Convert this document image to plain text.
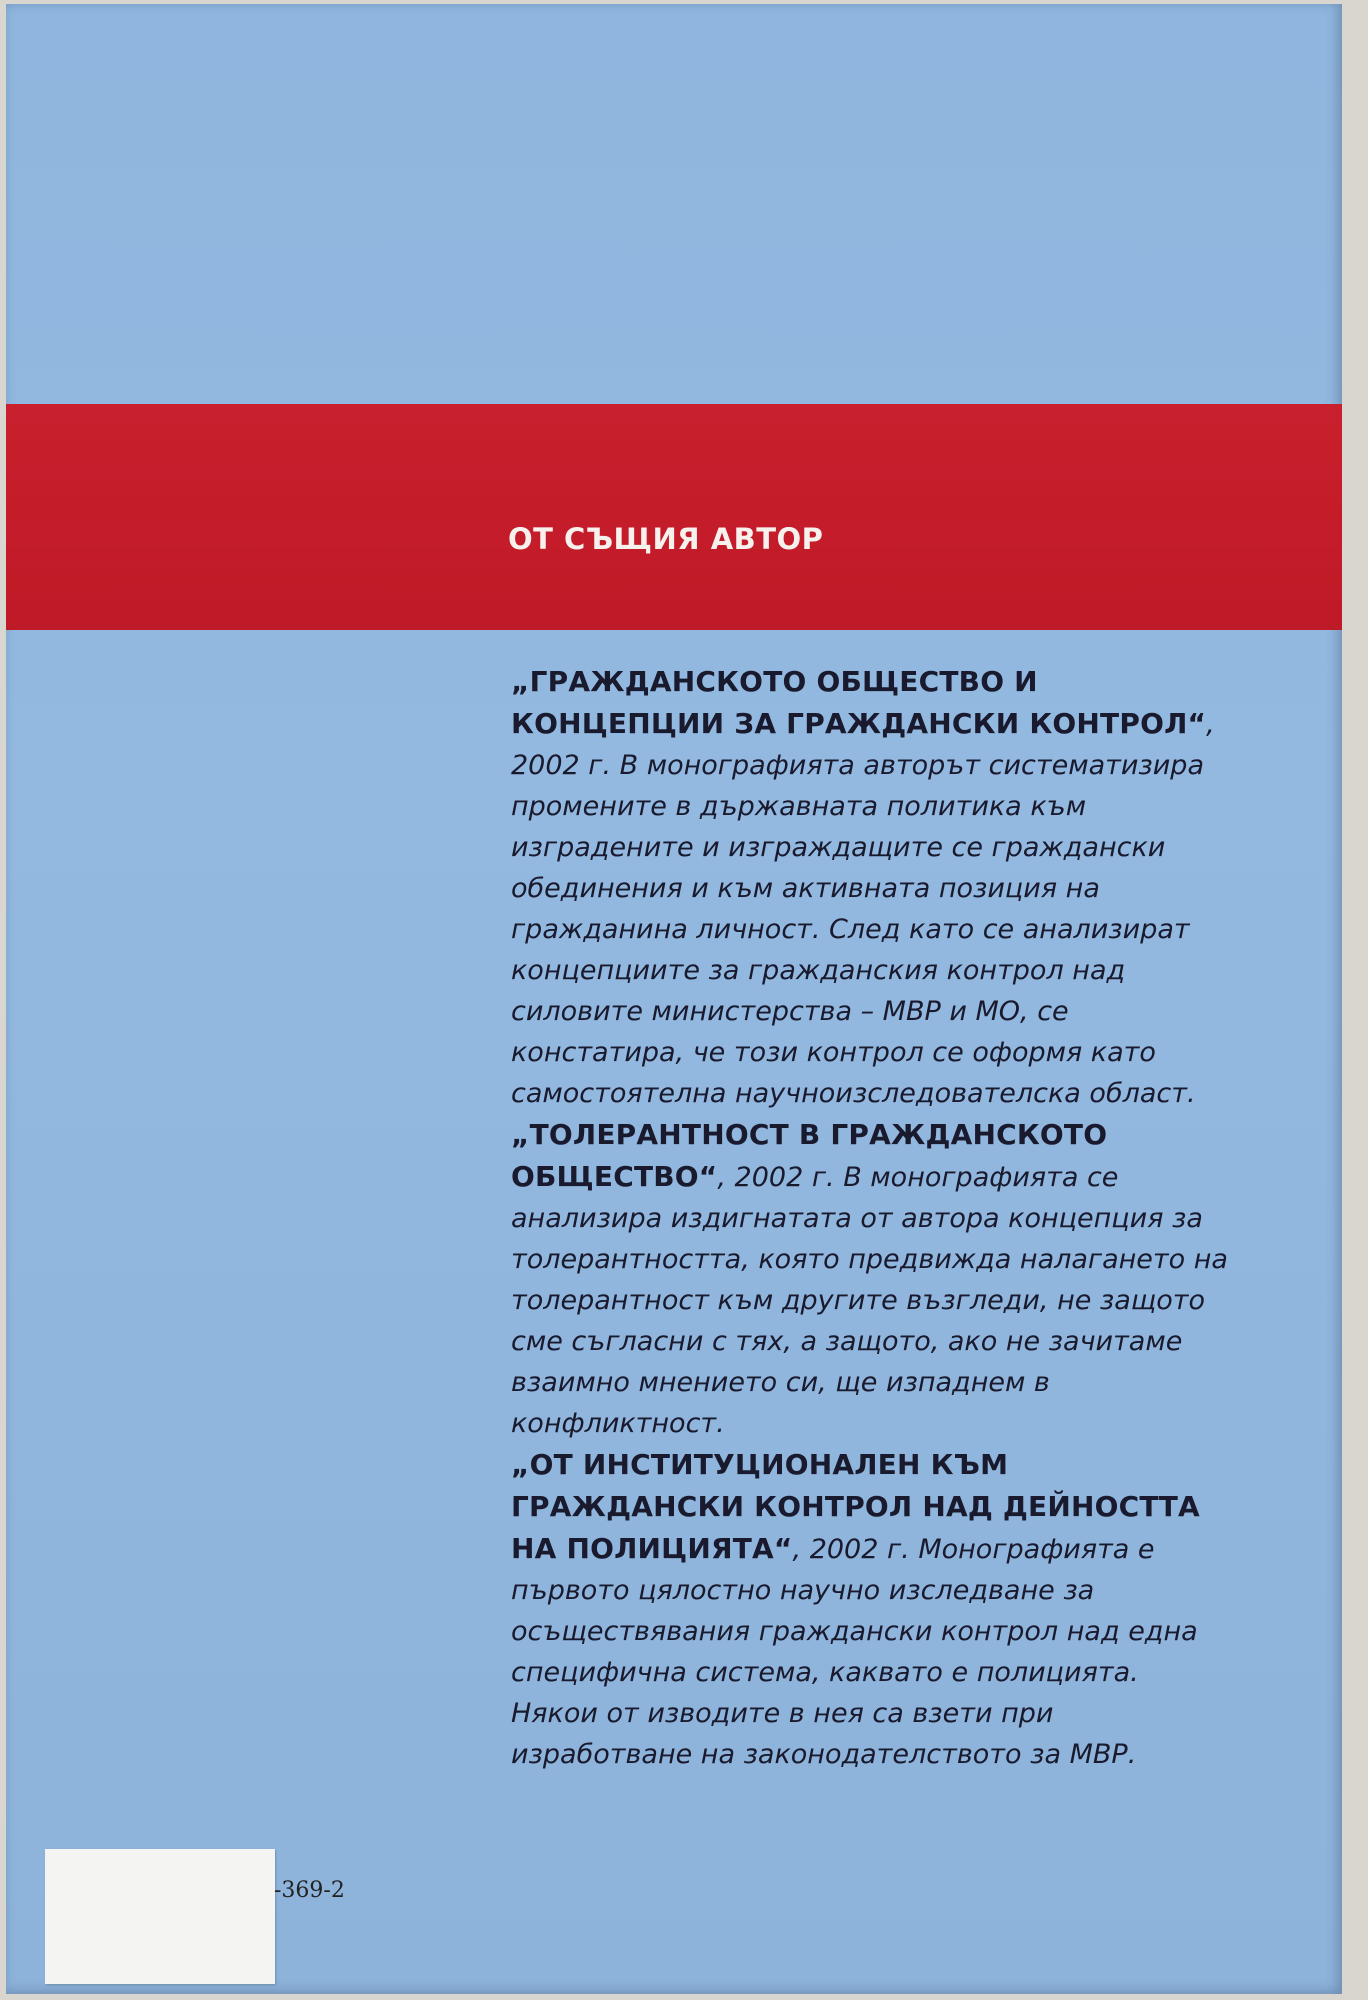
ОТ СЪЩИЯ АВТОР

„ГРАЖДАНСКОТО ОБЩЕСТВО И КОНЦЕПЦИИ ЗА ГРАЖДАНСКИ КОНТРОЛ“, 2002 г. В монографията авторът систематизира промените в държавната политика към изградените и изграждащите се граждански обединения и към активната позиция на гражданина личност. След като се анализират концепциите за гражданския контрол над силовите министерства – МВР и МО, се констатира, че този контрол се оформя като самостоятелна научноизследователска област.

„ТОЛЕРАНТНОСТ В ГРАЖДАНСКОТО ОБЩЕСТВО“, 2002 г. В монографията се анализира издигнатата от автора концепция за толерантността, която предвижда налагането на толерантност към другите възгледи, не защото сме съгласни с тях, а защото, ако не зачитаме взаимно мнението си, ще изпаднем в конфликтност.

„ОТ ИНСТИТУЦИОНАЛЕН КЪМ ГРАЖДАНСКИ КОНТРОЛ НАД ДЕЙНОСТТА НА ПОЛИЦИЯТА“, 2002 г. Монографията е първото цялостно научно изследване за осъществявания граждански контрол над една специфична система, каквато е полицията. Някои от изводите в нея са взети при изработване на законодателството за МВР.

-369-2
